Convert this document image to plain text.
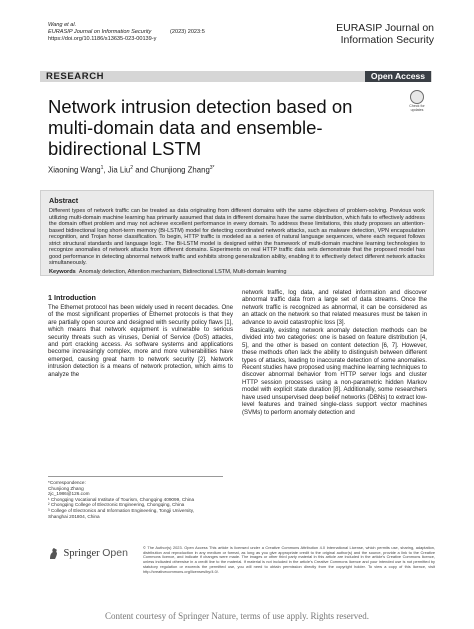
Wang et al.
EURASIP Journal on Information Security	(2023) 2023:5
https://doi.org/10.1186/s13635-023-00139-y
EURASIP Journal on
Information Security
RESEARCH	Open Access
Check for
updates
Network intrusion detection based on multi-domain data and ensemble-bidirectional LSTM
Xiaoning Wang$^1$, Jia Liu$^2$ and Chunjiong Zhang$^{3*}$
Abstract
Different types of network traffic can be treated as data originating from different domains with the same objectives of problem-solving. Previous work utilizing multi-domain machine learning has primarily assumed that data in different domains have the same distribution, which fails to effectively address the domain offset problem and may not achieve excellent performance in every domain. To address these limitations, this study proposes an attention-based bidirectional long short-term memory (Bi-LSTM) model for detecting coordinated network attacks, such as malware detection, VPN encapsulation recognition, and Trojan horse classification. To begin, HTTP traffic is modeled as a series of natural language sequences, where each request follows strict structural standards and language logic. The Bi-LSTM model is designed within the framework of multi-domain machine learning technologies to recognize anomalies of network attacks from different domains. Experiments on real HTTP traffic data sets demonstrate that the proposed model has good performance in detecting abnormal network traffic and exhibits strong generalization ability, enabling it to effectively detect different network attacks simultaneously.
Keywords Anomaly detection, Attention mechanism, Bidirectional LSTM, Multi-domain learning
1 Introduction

The Ethernet protocol has been widely used in recent decades. One of the most significant properties of Ethernet protocols is that they are partially open source and designed with security policy flaws [1], which means that network equipment is vulnerable to serious security threats such as viruses, Denial of Service (DoS) attacks, and port cracking access. As software systems and applications become increasingly complex, more and more vulnerabilities have emerged, causing great harm to network security [2]. Network intrusion detection is a means of network protection, which aims to analyze the

network traffic, log data, and related information and discover abnormal traffic data from a large set of data streams. Once the network traffic is recognized as abnormal, it can be considered as an attack on the network so that related measures must be taken in advance to avoid catastrophic loss [3].

Basically, existing network anomaly detection methods can be divided into two categories: one is based on feature distribution [4, 5], and the other is based on content detection [6, 7]. However, these methods often lack the ability to distinguish between different types of attacks, leading to inaccurate detection of some anomalies. Recent studies have proposed using machine learning techniques to discover abnormal behavior from HTTP server logs and cluster HTTP session processes using a non-parametric hidden Markov model with explicit state duration [8]. Additionally, some researchers have used unsupervised deep belief networks (DBNs) to extract low-level features and trained single-class support vector machines (SVMs) to perform anomaly detection and

*Correspondence:
Chunjiong Zhang
zjc_1986@126.com
¹ Chongqing Vocational Institute of Tourism, Chongqing 409099, China
² Chongqing College of Electronic Engineering, Chongqing, China
³ College of Electronics and Information Engineering, Tongji University,
Shanghai 201804, China
Springer Open	© The Author(s) 2023. Open Access This article is licensed under a Creative Commons Attribution 4.0 International License, which permits use, sharing, adaptation, distribution and reproduction in any medium or format, as long as you give appropriate credit to the original author(s) and the source, provide a link to the Creative Commons licence, and indicate if changes were made. The images or other third party material in this article are included in the article's Creative Commons licence, unless indicated otherwise in a credit line to the material. If material is not included in the article's Creative Commons licence and your intended use is not permitted by statutory regulation or exceeds the permitted use, you will need to obtain permission directly from the copyright holder. To view a copy of this licence, visit http://creativecommons.org/licenses/by/4.0/.
Content courtesy of Springer Nature, terms of use apply. Rights reserved.
